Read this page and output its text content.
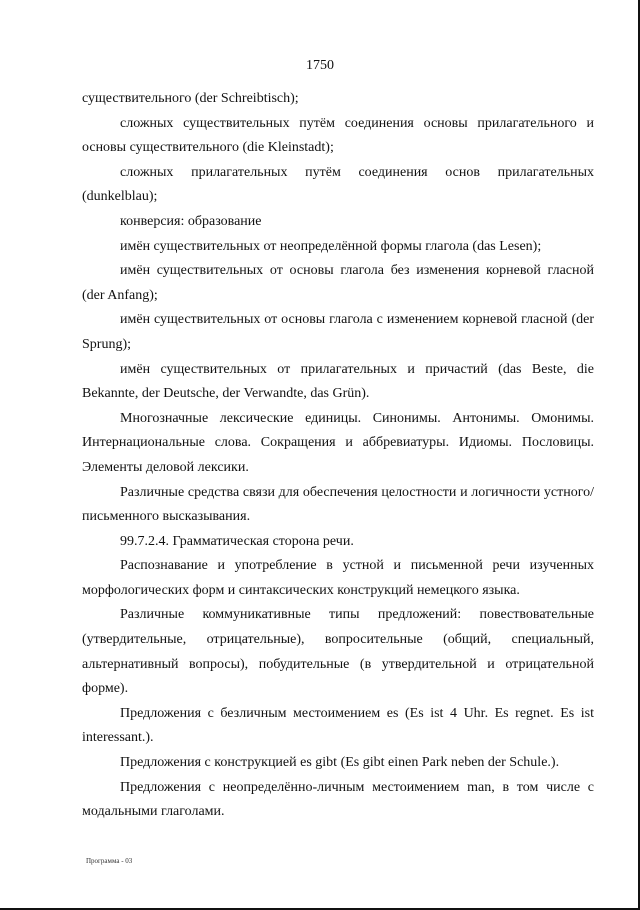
1750

существительного (der Schreibtisch);

сложных существительных путём соединения основы прилагательного и основы существительного (die Kleinstadt);

сложных прилагательных путём соединения основ прилагательных (dunkelblau);

конверсия: образование

имён существительных от неопределённой формы глагола (das Lesen);

имён существительных от основы глагола без изменения корневой гласной (der Anfang);

имён существительных от основы глагола с изменением корневой гласной (der Sprung);

имён существительных от прилагательных и причастий (das Beste, die Bekannte, der Deutsche, der Verwandte, das Grün).

Многозначные лексические единицы. Синонимы. Антонимы. Омонимы. Интернациональные слова. Сокращения и аббревиатуры. Идиомы. Пословицы. Элементы деловой лексики.

Различные средства связи для обеспечения целостности и логичности устного/письменного высказывания.

99.7.2.4. Грамматическая сторона речи.

Распознавание и употребление в устной и письменной речи изученных морфологических форм и синтаксических конструкций немецкого языка.

Различные коммуникативные типы предложений: повествовательные (утвердительные, отрицательные), вопросительные (общий, специальный, альтернативный вопросы), побудительные (в утвердительной и отрицательной форме).

Предложения с безличным местоимением es (Es ist 4 Uhr. Es regnet. Es ist interessant.).

Предложения с конструкцией es gibt (Es gibt einen Park neben der Schule.).

Предложения с неопределённо-личным местоимением man, в том числе с модальными глаголами.

Программа - 03
